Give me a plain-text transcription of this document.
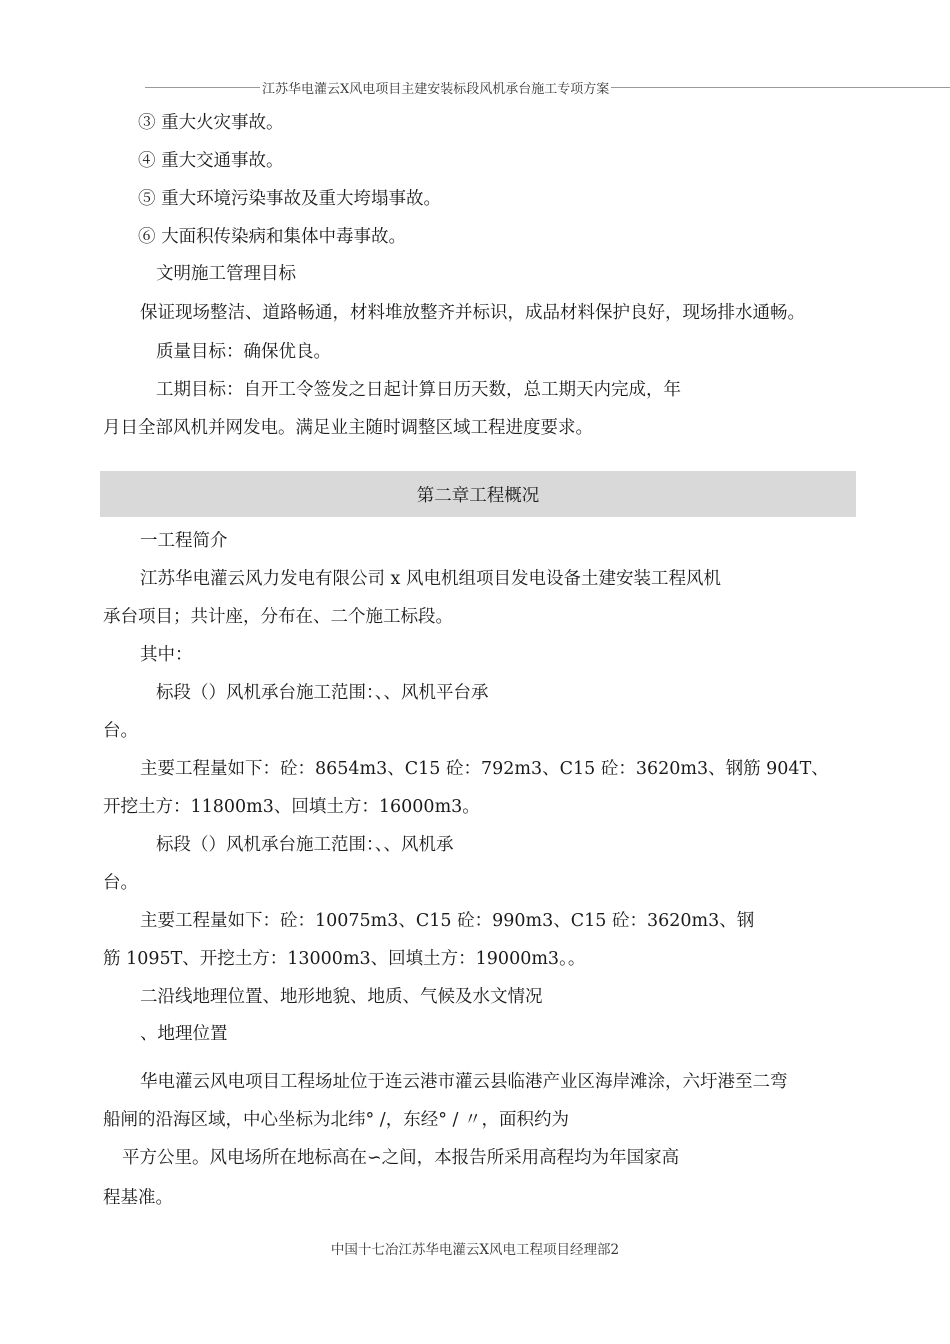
江苏华电灌云X风电项目主建安装标段风机承台施工专项方案
③ 重大火灾事故。
④ 重大交通事故。
⑤ 重大环境污染事故及重大垮塌事故。
⑥ 大面积传染病和集体中毒事故。
文明施工管理目标
保证现场整洁、道路畅通，材料堆放整齐并标识，成品材料保护良好，现场排水通畅。
质量目标：确保优良。
工期目标：自开工令签发之日起计算日历天数，总工期天内完成，年
月日全部风机并网发电。满足业主随时调整区域工程进度要求。
第二章工程概况
一工程简介
江苏华电灌云风力发电有限公司 x 风电机组项目发电设备土建安装工程风机
承台项目；共计座，分布在、二个施工标段。
其中：
标段（）风机承台施工范围：、、风机平台承
台。
主要工程量如下：砼：8654m3、C15 砼：792m3、C15 砼：3620m3、钢筋 904T、
开挖土方：11800m3、回填土方：16000m3。
标段（）风机承台施工范围：、、风机承
台。
主要工程量如下：砼：10075m3、C15 砼：990m3、C15 砼：3620m3、钢
筋 1095T、开挖土方：13000m3、回填土方：19000m3。。
二沿线地理位置、地形地貌、地质、气候及水文情况
、地理位置
华电灌云风电项目工程场址位于连云港市灌云县临港产业区海岸滩涂，六圩港至二弯
船闸的沿海区域，中心坐标为北纬° /，东经° / 〃，面积约为
平方公里。风电场所在地标高在∽之间，本报告所采用高程均为年国家高
程基准。
中国十七冶江苏华电灌云X风电工程项目经理部2
